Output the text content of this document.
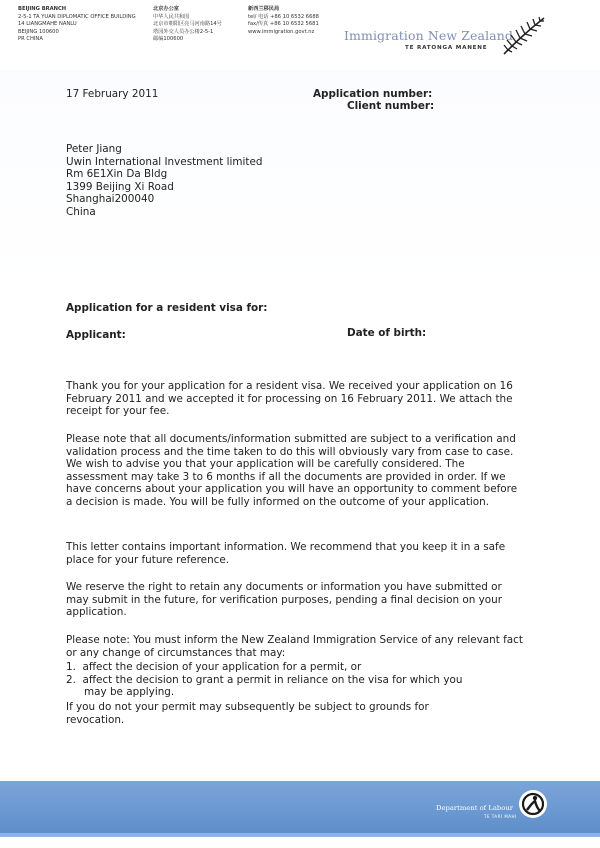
BEIJING BRANCH
2-5-1 TA YUAN DIPLOMATIC OFFICE BUILDING
14 LIANGMAHE NANLU
BEIJING 100600
PR CHINA
北京办公室
中华人民共和国
北京市朝阳区亮马河南路14号
塔园外交人员办公楼2-5-1
邮编100600
新西兰移民局
tel/ 电话 +86 10 6532 6688
fax/传真 +86 10 6532 5681
www.immigration.govt.nz	Immigration New Zealand
TE RATONGA MANENE
17 February 2011	Application number:
Client number:
Peter Jiang
Uwin International Investment limited
Rm 6E1Xin Da Bldg
1399 Beijing Xi Road
Shanghai200040
China
Application for a resident visa for:
Applicant:	Date of birth:

Thank you for your application for a resident visa. We received your application on 16 February 2011 and we accepted it for processing on 16 February 2011. We attach the receipt for your fee.

Please note that all documents/information submitted are subject to a verification and validation process and the time taken to do this will obviously vary from case to case. We wish to advise you that your application will be carefully considered. The assessment may take 3 to 6 months if all the documents are provided in order. If we have concerns about your application you will have an opportunity to comment before a decision is made. You will be fully informed on the outcome of your application.

This letter contains important information. We recommend that you keep it in a safe place for your future reference.

We reserve the right to retain any documents or information you have submitted or may submit in the future, for verification purposes, pending a final decision on your application.

Please note: You must inform the New Zealand Immigration Service of any relevant fact or any change of circumstances that may:

1. affect the decision of your application for a permit, or
2. affect the decision to grant a permit in reliance on the visa for which you
may be applying.

If you do not your permit may subsequently be subject to grounds for revocation.

Department of Labour
TE TARI MAHI
